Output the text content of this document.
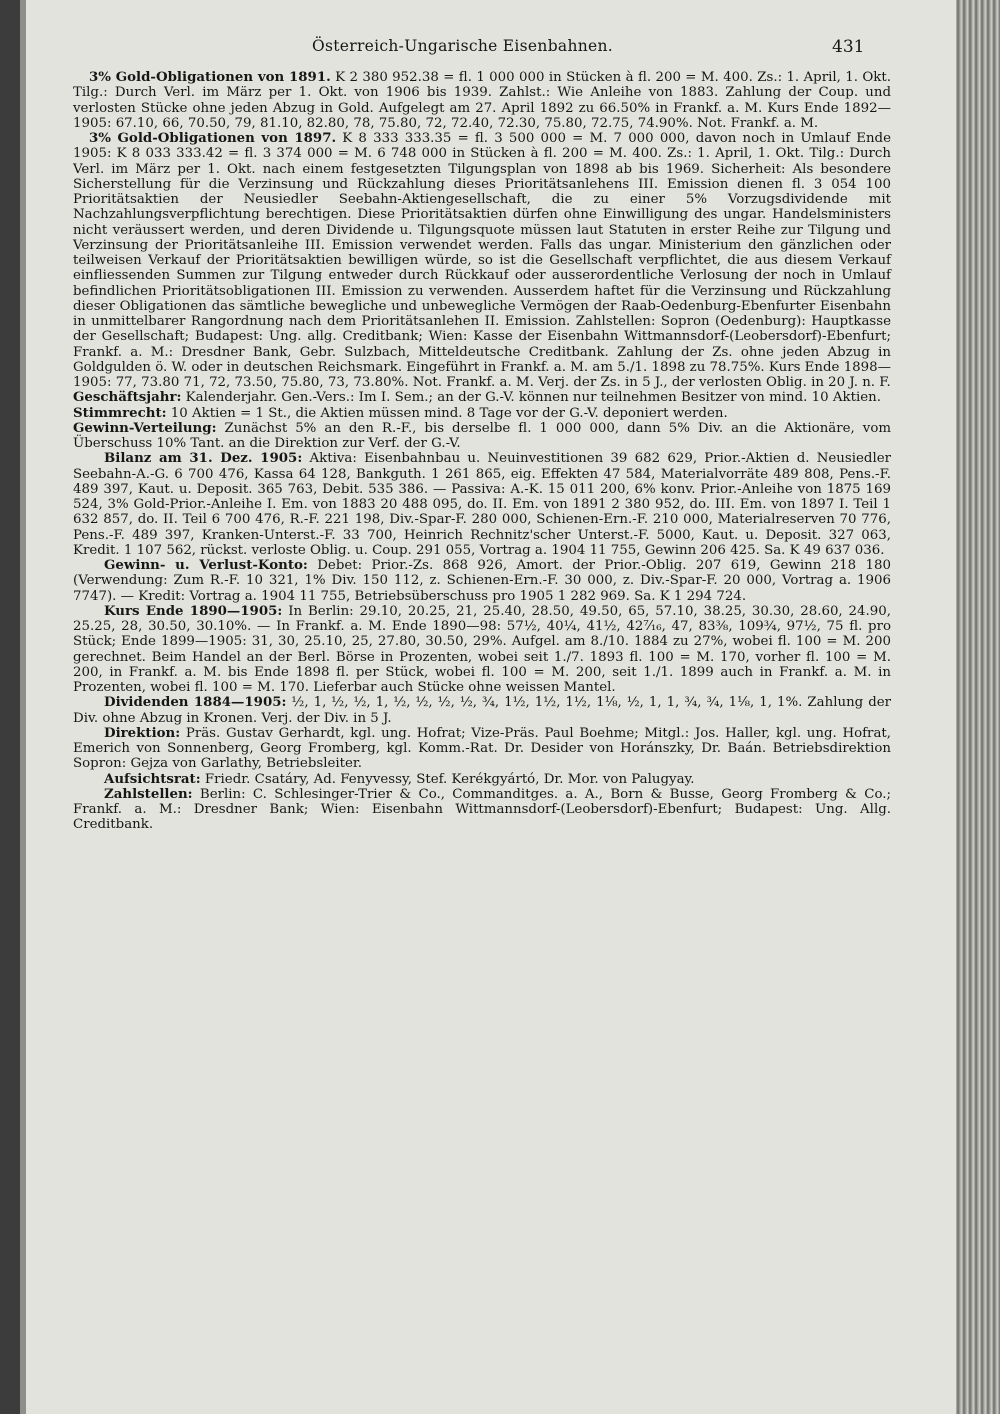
Österreich-Ungarische Eisenbahnen.	431

3% Gold-Obligationen von 1891. K 2 380 952.38 = fl. 1 000 000 in Stücken à fl. 200 = M. 400. Zs.: 1. April, 1. Okt. Tilg.: Durch Verl. im März per 1. Okt. von 1906 bis 1939. Zahlst.: Wie Anleihe von 1883. Zahlung der Coup. und verlosten Stücke ohne jeden Abzug in Gold. Aufgelegt am 27. April 1892 zu 66.50% in Frankf. a. M. Kurs Ende 1892—1905: 67.10, 66, 70.50, 79, 81.10, 82.80, 78, 75.80, 72, 72.40, 72.30, 75.80, 72.75, 74.90%. Not. Frankf. a. M.

3% Gold-Obligationen von 1897. K 8 333 333.35 = fl. 3 500 000 = M. 7 000 000, davon noch in Umlauf Ende 1905: K 8 033 333.42 = fl. 3 374 000 = M. 6 748 000 in Stücken à fl. 200 = M. 400. Zs.: 1. April, 1. Okt. Tilg.: Durch Verl. im März per 1. Okt. nach einem festgesetzten Tilgungsplan von 1898 ab bis 1969. Sicherheit: Als besondere Sicherstellung für die Verzinsung und Rückzahlung dieses Prioritätsanlehens III. Emission dienen fl. 3 054 100 Prioritätsaktien der Neusiedler Seebahn-Aktiengesellschaft, die zu einer 5% Vorzugsdividende mit Nachzahlungsverpflichtung berechtigen. Diese Prioritätsaktien dürfen ohne Einwilligung des ungar. Handelsministers nicht veräussert werden, und deren Dividende u. Tilgungsquote müssen laut Statuten in erster Reihe zur Tilgung und Verzinsung der Prioritätsanleihe III. Emission verwendet werden. Falls das ungar. Ministerium den gänzlichen oder teilweisen Verkauf der Prioritätsaktien bewilligen würde, so ist die Gesellschaft verpflichtet, die aus diesem Verkauf einfliessenden Summen zur Tilgung entweder durch Rückkauf oder ausserordentliche Verlosung der noch in Umlauf befindlichen Prioritätsobligationen III. Emission zu verwenden. Ausserdem haftet für die Verzinsung und Rückzahlung dieser Obligationen das sämtliche bewegliche und unbewegliche Vermögen der Raab-Oedenburg-Ebenfurter Eisenbahn in unmittelbarer Rangordnung nach dem Prioritätsanlehen II. Emission. Zahlstellen: Sopron (Oedenburg): Hauptkasse der Gesellschaft; Budapest: Ung. allg. Creditbank; Wien: Kasse der Eisenbahn Wittmannsdorf-(Leobersdorf)-Ebenfurt; Frankf. a. M.: Dresdner Bank, Gebr. Sulzbach, Mitteldeutsche Creditbank. Zahlung der Zs. ohne jeden Abzug in Goldgulden ö. W. oder in deutschen Reichsmark. Eingeführt in Frankf. a. M. am 5./1. 1898 zu 78.75%. Kurs Ende 1898—1905: 77, 73.80 71, 72, 73.50, 75.80, 73, 73.80%. Not. Frankf. a. M. Verj. der Zs. in 5 J., der verlosten Oblig. in 20 J. n. F.

Geschäftsjahr: Kalenderjahr. Gen.-Vers.: Im I. Sem.; an der G.-V. können nur teilnehmen Besitzer von mind. 10 Aktien.

Stimmrecht: 10 Aktien = 1 St., die Aktien müssen mind. 8 Tage vor der G.-V. deponiert werden.

Gewinn-Verteilung: Zunächst 5% an den R.-F., bis derselbe fl. 1 000 000, dann 5% Div. an die Aktionäre, vom Überschuss 10% Tant. an die Direktion zur Verf. der G.-V.

Bilanz am 31. Dez. 1905: Aktiva: Eisenbahnbau u. Neuinvestitionen 39 682 629, Prior.-Aktien d. Neusiedler Seebahn-A.-G. 6 700 476, Kassa 64 128, Bankguth. 1 261 865, eig. Effekten 47 584, Materialvorräte 489 808, Pens.-F. 489 397, Kaut. u. Deposit. 365 763, Debit. 535 386. — Passiva: A.-K. 15 011 200, 6% konv. Prior.-Anleihe von 1875 169 524, 3% Gold-Prior.-Anleihe I. Em. von 1883 20 488 095, do. II. Em. von 1891 2 380 952, do. III. Em. von 1897 I. Teil 1 632 857, do. II. Teil 6 700 476, R.-F. 221 198, Div.-Spar-F. 280 000, Schienen-Ern.-F. 210 000, Materialreserven 70 776, Pens.-F. 489 397, Kranken-Unterst.-F. 33 700, Heinrich Rechnitz'scher Unterst.-F. 5000, Kaut. u. Deposit. 327 063, Kredit. 1 107 562, rückst. verloste Oblig. u. Coup. 291 055, Vortrag a. 1904 11 755, Gewinn 206 425. Sa. K 49 637 036.

Gewinn- u. Verlust-Konto: Debet: Prior.-Zs. 868 926, Amort. der Prior.-Oblig. 207 619, Gewinn 218 180 (Verwendung: Zum R.-F. 10 321, 1% Div. 150 112, z. Schienen-Ern.-F. 30 000, z. Div.-Spar-F. 20 000, Vortrag a. 1906 7747). — Kredit: Vortrag a. 1904 11 755, Betriebsüberschuss pro 1905 1 282 969. Sa. K 1 294 724.

Kurs Ende 1890—1905: In Berlin: 29.10, 20.25, 21, 25.40, 28.50, 49.50, 65, 57.10, 38.25, 30.30, 28.60, 24.90, 25.25, 28, 30.50, 30.10%. — In Frankf. a. M. Ende 1890—98: 57½, 40¼, 41½, 42⁷⁄₁₆, 47, 83⅜, 109¾, 97½, 75 fl. pro Stück; Ende 1899—1905: 31, 30, 25.10, 25, 27.80, 30.50, 29%. Aufgel. am 8./10. 1884 zu 27%, wobei fl. 100 = M. 200 gerechnet. Beim Handel an der Berl. Börse in Prozenten, wobei seit 1./7. 1893 fl. 100 = M. 170, vorher fl. 100 = M. 200, in Frankf. a. M. bis Ende 1898 fl. per Stück, wobei fl. 100 = M. 200, seit 1./1. 1899 auch in Frankf. a. M. in Prozenten, wobei fl. 100 = M. 170. Lieferbar auch Stücke ohne weissen Mantel.

Dividenden 1884—1905: ½, 1, ½, ½, 1, ½, ½, ½, ½, ¾, 1½, 1½, 1½, 1⅛, ½, 1, 1, ¾, ¾, 1⅛, 1, 1%. Zahlung der Div. ohne Abzug in Kronen. Verj. der Div. in 5 J.

Direktion: Präs. Gustav Gerhardt, kgl. ung. Hofrat; Vize-Präs. Paul Boehme; Mitgl.: Jos. Haller, kgl. ung. Hofrat, Emerich von Sonnenberg, Georg Fromberg, kgl. Komm.-Rat. Dr. Desider von Horánszky, Dr. Baán. Betriebsdirektion Sopron: Gejza von Garlathy, Betriebsleiter.

Aufsichtsrat: Friedr. Csatáry, Ad. Fenyvessy, Stef. Kerékgyártó, Dr. Mor. von Palugyay.

Zahlstellen: Berlin: C. Schlesinger-Trier & Co., Commanditges. a. A., Born & Busse, Georg Fromberg & Co.; Frankf. a. M.: Dresdner Bank; Wien: Eisenbahn Wittmannsdorf-(Leobersdorf)-Ebenfurt; Budapest: Ung. Allg. Creditbank.
